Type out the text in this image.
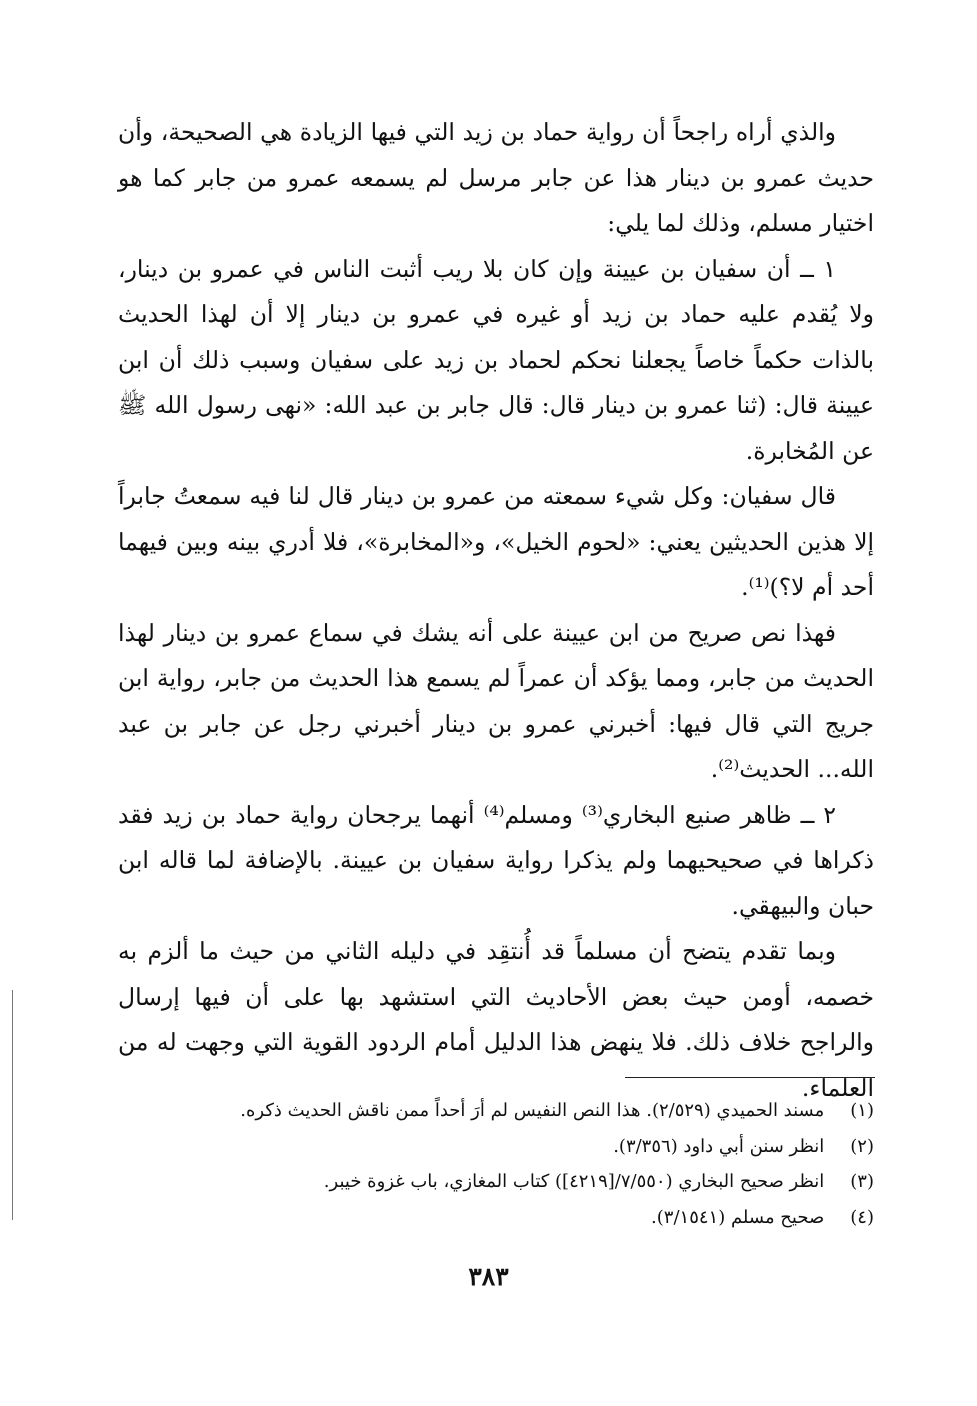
والذي أراه راجحاً أن رواية حماد بن زيد التي فيها الزيادة هي الصحيحة، وأن حديث عمرو بن دينار هذا عن جابر مرسل لم يسمعه عمرو من جابر كما هو اختيار مسلم، وذلك لما يلي:

١ ــ أن سفيان بن عيينة وإن كان بلا ريب أثبت الناس في عمرو بن دينار، ولا يُقدم عليه حماد بن زيد أو غيره في عمرو بن دينار إلا أن لهذا الحديث بالذات حكماً خاصاً يجعلنا نحكم لحماد بن زيد على سفيان وسبب ذلك أن ابن عيينة قال: (ثنا عمرو بن دينار قال: قال جابر بن عبد الله: «نهى رسول الله ﷺ عن المُخابرة.

قال سفيان: وكل شيء سمعته من عمرو بن دينار قال لنا فيه سمعتُ جابراً إلا هذين الحديثين يعني: «لحوم الخيل»، و«المخابرة»، فلا أدري بينه وبين فيهما أحد أم لا؟)⁽¹⁾.

فهذا نص صريح من ابن عيينة على أنه يشك في سماع عمرو بن دينار لهذا الحديث من جابر، ومما يؤكد أن عمراً لم يسمع هذا الحديث من جابر، رواية ابن جريج التي قال فيها: أخبرني عمرو بن دينار أخبرني رجل عن جابر بن عبد الله... الحديث⁽²⁾.

٢ ــ ظاهر صنيع البخاري⁽³⁾ ومسلم⁽⁴⁾ أنهما يرجحان رواية حماد بن زيد فقد ذكراها في صحيحيهما ولم يذكرا رواية سفيان بن عيينة. بالإضافة لما قاله ابن حبان والبيهقي.

وبما تقدم يتضح أن مسلماً قد أُنتقِد في دليله الثاني من حيث ما ألزم به خصمه، أومن حيث بعض الأحاديث التي استشهد بها على أن فيها إرسال والراجح خلاف ذلك. فلا ينهض هذا الدليل أمام الردود القوية التي وجهت له من العلماء.

(١) مسند الحميدي (٢/٥٢٩). هذا النص النفيس لم أرَ أحداً ممن ناقش الحديث ذكره.
(٢) انظر سنن أبي داود (٣/٣٥٦).
(٣) انظر صحيح البخاري (٧/٥٥٠/[٤٢١٩]) كتاب المغازي، باب غزوة خيبر.
(٤) صحيح مسلم (٣/١٥٤١).
٣٨٣
